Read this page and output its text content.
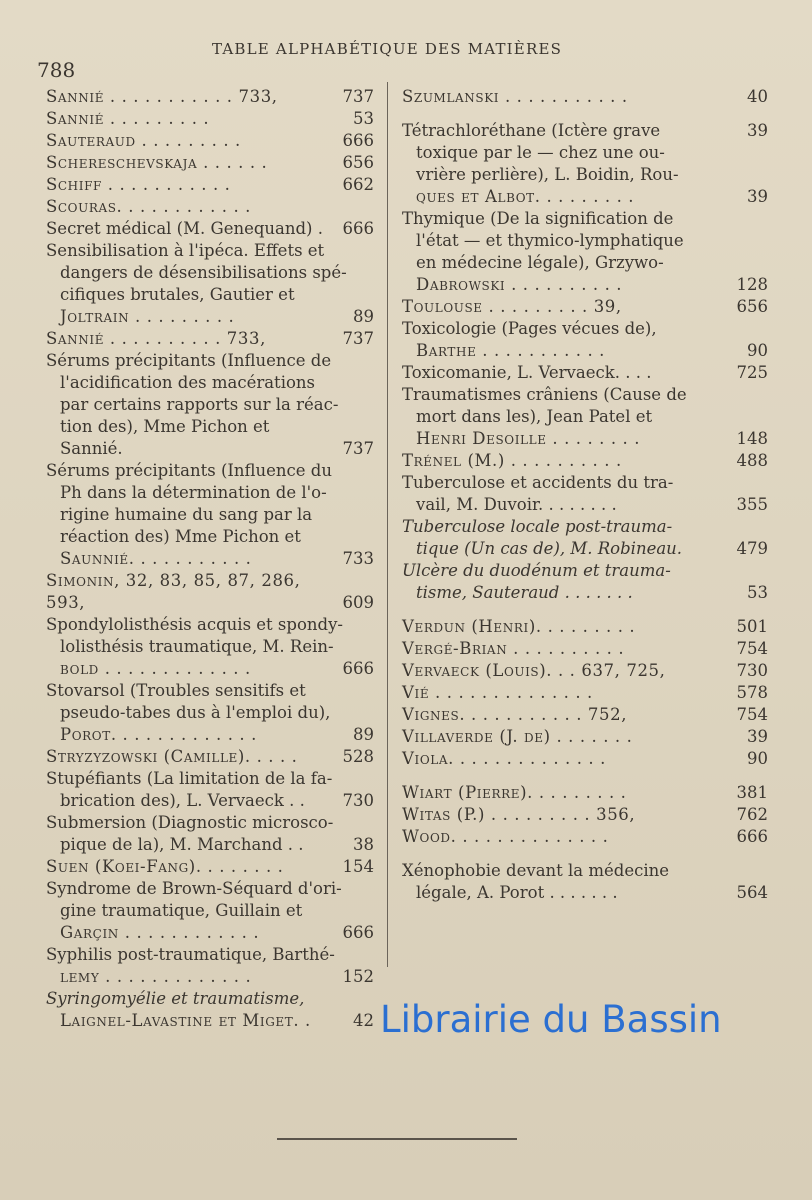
788
TABLE ALPHABÉTIQUE DES MATIÈRES
Sannié . . . . . . . . . . . 733,	737
Sannié . . . . . . . . .	53
Sauteraud . . . . . . . . .	666
Schereschevskaja . . . . . .	656
Schiff . . . . . . . . . . .	662
Scouras. . . . . . . . . . . .
Secret médical (M. Genequand) .	666
Sensibilisation à l'ipéca. Effets et
dangers de désensibilisations spé-
cifiques brutales, Gautier et
Joltrain . . . . . . . . .	89
Sannié . . . . . . . . . . 733,	737
Sérums précipitants (Influence de
l'acidification des macérations
par certains rapports sur la réac-
tion des), Mme Pichon et Sannié.	737
Sérums précipitants (Influence du
Ph dans la détermination de l'o-
rigine humaine du sang par la
réaction des) Mme Pichon et
Saunnié. . . . . . . . . . .	733
Simonin, 32, 83, 85, 87, 286, 593,	609
Spondylolisthésis acquis et spondy-
lolisthésis traumatique, M. Rein-
bold . . . . . . . . . . . . .	666
Stovarsol (Troubles sensitifs et
pseudo-tabes dus à l'emploi du),
Porot. . . . . . . . . . . . .	89
Stryzyzowski (Camille). . . . .	528
Stupéfiants (La limitation de la fa-
brication des), L. Vervaeck . .	730
Submersion (Diagnostic microsco-
pique de la), M. Marchand . .	38
Suen (Koei-Fang). . . . . . . .	154
Syndrome de Brown-Séquard d'ori-
gine traumatique, Guillain et
Garçin . . . . . . . . . . . .	666
Syphilis post-traumatique, Barthé-
lemy . . . . . . . . . . . . .	152
Syringomyélie et traumatisme,
Laignel-Lavastine et Miget. .	42
Szumlanski . . . . . . . . . . .	40
Tétrachloréthane (Ictère grave	39
toxique par le — chez une ou-
vrière perlière), L. Boidin, Rou-
ques et Albot. . . . . . . . .	39
Thymique (De la signification de
l'état — et thymico-lymphatique
en médecine légale), Grzywo-
Dabrowski . . . . . . . . . .	128
Toulouse . . . . . . . . . 39,	656
Toxicologie (Pages vécues de),
Barthe . . . . . . . . . . .	90
Toxicomanie, L. Vervaeck. . . .	725
Traumatismes crâniens (Cause de
mort dans les), Jean Patel et
Henri Desoille . . . . . . . .	148
Trénel (M.) . . . . . . . . . .	488
Tuberculose et accidents du tra-
vail, M. Duvoir. . . . . . . .	355
Tuberculose locale post-trauma-
tique (Un cas de), M. Robineau.	479
Ulcère du duodénum et trauma-
tisme, Sauteraud . . . . . . .	53
Verdun (Henri). . . . . . . . .	501
Vergé-Brian . . . . . . . . . .	754
Vervaeck (Louis). . . 637, 725,	730
Vié . . . . . . . . . . . . . .	578
Vignes. . . . . . . . . . . 752,	754
Villaverde (J. de) . . . . . . .	39
Viola. . . . . . . . . . . . . .	90
Wiart (Pierre). . . . . . . . .	381
Witas (P.) . . . . . . . . . 356,	762
Wood. . . . . . . . . . . . . .	666
Xénophobie devant la médecine
légale, A. Porot . . . . . . .	564
Librairie du Bassin
